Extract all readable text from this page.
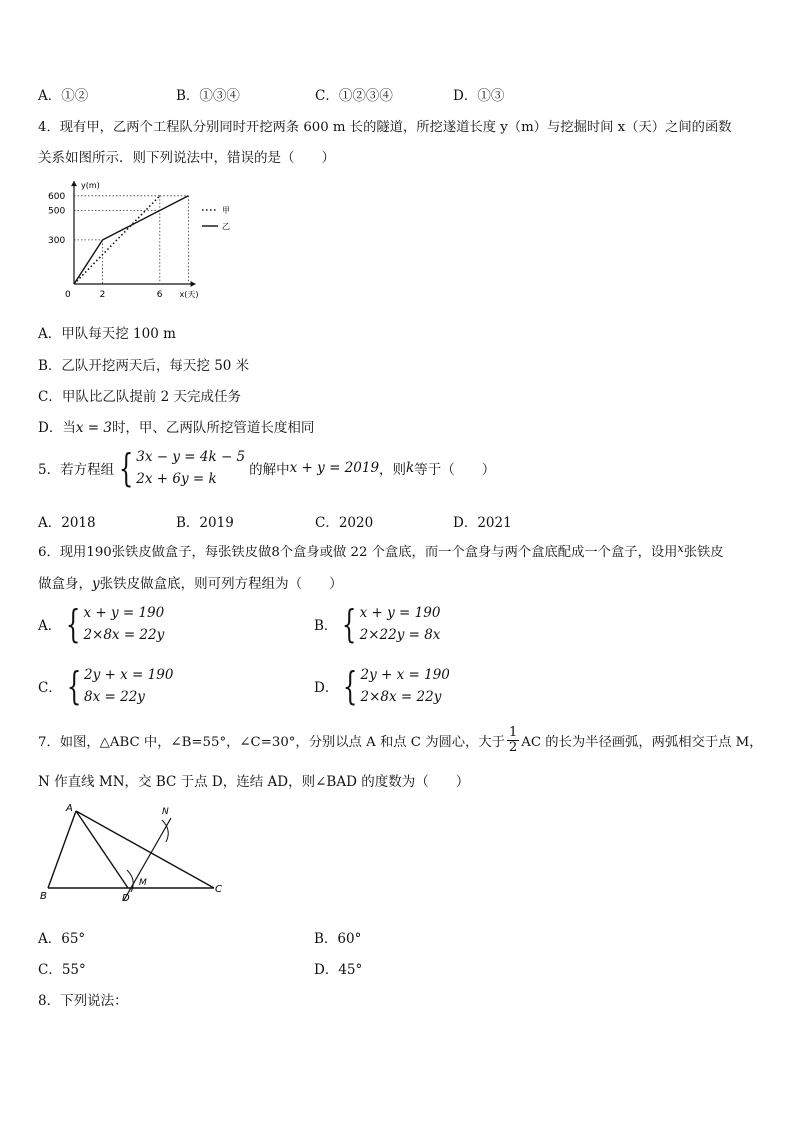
A．①②	B．①③④	C．①②③④	D．①③
4．现有甲，乙两个工程队分别同时开挖两条 600 m 长的隧道，所挖遂道长度 y（m）与挖掘时间 x（天）之间的函数
关系如图所示．则下列说法中，错误的是（　　）
y(m)
x(天)
0
300
500
600
2	6
甲
乙
A．甲队每天挖 100 m
B．乙队开挖两天后，每天挖 50 米
C．甲队比乙队提前 2 天完成任务
D．当x = 3时，甲、乙两队所挖管道长度相同
5．若方程组 { 3x − y = 4k − 5
2x + 6y = k
的解中 x + y = 2019 ，则 k 等于（　　）
A．2018	B．2019	C．2020	D．2021
6．现用190张铁皮做盒子，每张铁皮做8个盒身或做 22 个盒底，而一个盒身与两个盒底配成一个盒子，设用$^x$张铁皮
做盒身，y张铁皮做盒底，则可列方程组为（　　）
A． { x + y = 190
2×8x = 22y
B． { x + y = 190
2×22y = 8x
C． { 2y + x = 190
8x = 22y
D． { 2y + x = 190
2×8x = 22y
7．如图，△ABC 中，∠B=55°，∠C=30°，分别以点 A 和点 C 为圆心，大于 $\frac{1}{2}$ AC 的长为半径画弧，两弧相交于点 M，
N 作直线 MN，交 BC 于点 D，连结 AD，则∠BAD 的度数为（　　）
A
B
C
D
M
N
A．65°	B．60°
C．55°	D．45°
8．下列说法：
